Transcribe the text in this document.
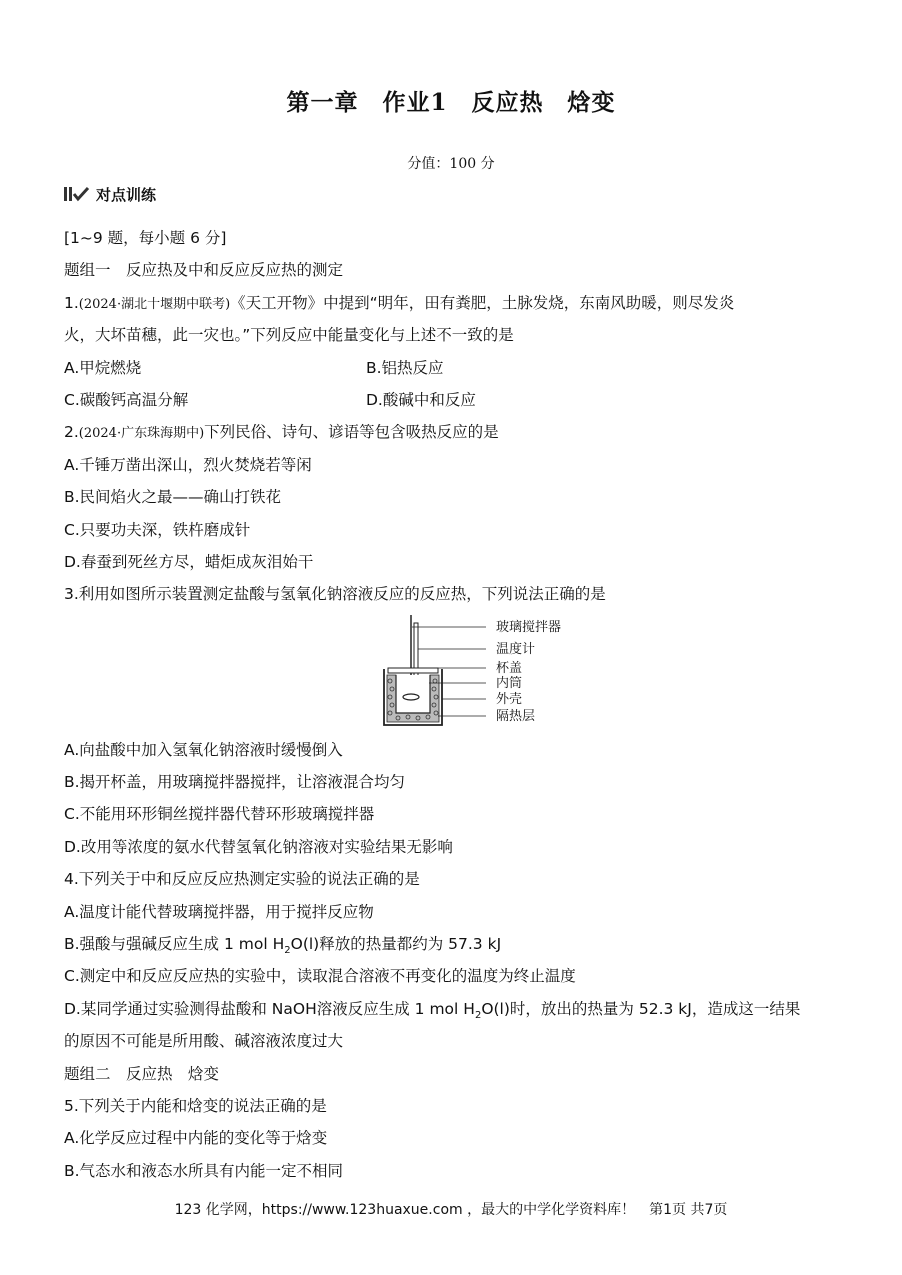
第一章　作业1　反应热　焓变
分值：100 分
对点训练
[1~9 题，每小题 6 分]
题组一　反应热及中和反应反应热的测定
1.(2024·湖北十堰期中联考)《天工开物》中提到“明年，田有粪肥，土脉发烧，东南风助暖，则尽发炎
火，大坏苗穗，此一灾也。”下列反应中能量变化与上述不一致的是
A.甲烷燃烧	B.铝热反应
C.碳酸钙高温分解	D.酸碱中和反应
2.(2024·广东珠海期中)下列民俗、诗句、谚语等包含吸热反应的是
A.千锤万凿出深山，烈火焚烧若等闲
B.民间焰火之最——确山打铁花
C.只要功夫深，铁杵磨成针
D.春蚕到死丝方尽，蜡炬成灰泪始干
3.利用如图所示装置测定盐酸与氢氧化钠溶液反应的反应热，下列说法正确的是
玻璃搅拌器
温度计
杯盖
内筒
外壳
隔热层
A.向盐酸中加入氢氧化钠溶液时缓慢倒入
B.揭开杯盖，用玻璃搅拌器搅拌，让溶液混合均匀
C.不能用环形铜丝搅拌器代替环形玻璃搅拌器
D.改用等浓度的氨水代替氢氧化钠溶液对实验结果无影响
4.下列关于中和反应反应热测定实验的说法正确的是
A.温度计能代替玻璃搅拌器，用于搅拌反应物
B.强酸与强碱反应生成 1 mol $H_2O(l)$释放的热量都约为 57.3 kJ
C.测定中和反应反应热的实验中，读取混合溶液不再变化的温度为终止温度
D.某同学通过实验测得盐酸和 NaOH溶液反应生成 1 mol $H_2O(l)$时，放出的热量为 52.3 kJ，造成这一结果
的原因不可能是所用酸、碱溶液浓度过大
题组二　反应热　焓变
5.下列关于内能和焓变的说法正确的是
A.化学反应过程中内能的变化等于焓变
B.气态水和液态水所具有内能一定不相同
123 化学网，https://www.123huaxue.com ，最大的中学化学资料库！　第1页 共7页
